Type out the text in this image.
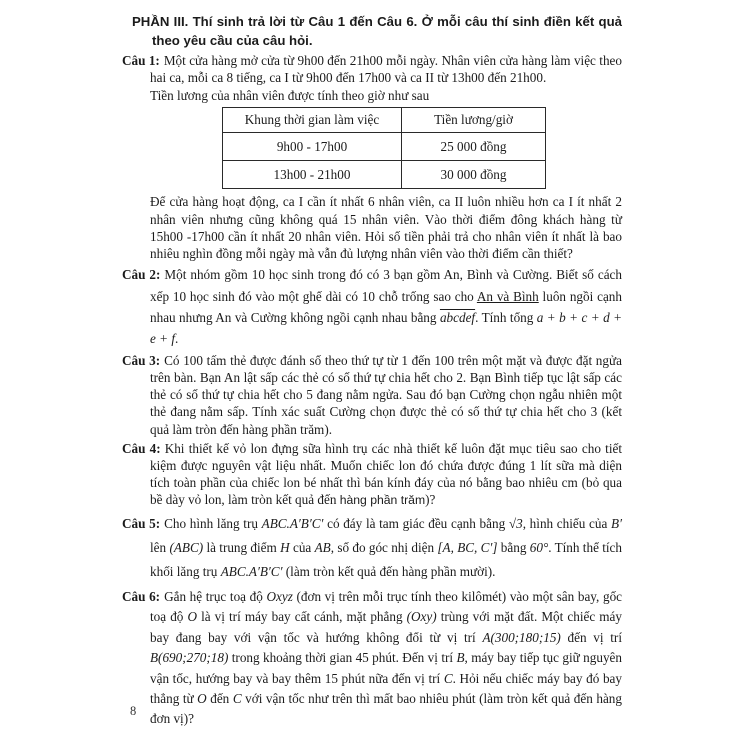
PHẦN III. Thí sinh trả lời từ Câu 1 đến Câu 6. Ở mỗi câu thí sinh điền kết quả theo yêu cầu của câu hỏi.
Câu 1: Một cửa hàng mở cửa từ 9h00 đến 21h00 mỗi ngày. Nhân viên cửa hàng làm việc theo hai ca, mỗi ca 8 tiếng, ca I từ 9h00 đến 17h00 và ca II từ 13h00 đến 21h00.
Tiền lương của nhân viên được tính theo giờ như sau
Khung thời gian làm việc	Tiền lương/giờ
9h00 - 17h00	25 000 đồng
13h00 - 21h00	30 000 đồng
Để cửa hàng hoạt động, ca I cần ít nhất 6 nhân viên, ca II luôn nhiều hơn ca I ít nhất 2 nhân viên nhưng cũng không quá 15 nhân viên. Vào thời điểm đông khách hàng từ 15h00 -17h00 cần ít nhất 20 nhân viên. Hỏi số tiền phải trả cho nhân viên ít nhất là bao nhiêu nghìn đồng mỗi ngày mà vẫn đủ lượng nhân viên vào thời điểm cần thiết?
Câu 2: Một nhóm gồm 10 học sinh trong đó có 3 bạn gồm An, Bình và Cường. Biết số cách xếp 10 học sinh đó vào một ghế dài có 10 chỗ trống sao cho An và Bình luôn ngồi cạnh nhau nhưng An và Cường không ngồi cạnh nhau bằng abcdef. Tính tổng a + b + c + d + e + f.
Câu 3: Có 100 tấm thẻ được đánh số theo thứ tự từ 1 đến 100 trên một mặt và được đặt ngửa trên bàn. Bạn An lật sấp các thẻ có số thứ tự chia hết cho 2. Bạn Bình tiếp tục lật sấp các thẻ có số thứ tự chia hết cho 5 đang nằm ngửa. Sau đó bạn Cường chọn ngẫu nhiên một thẻ đang nằm sấp. Tính xác suất Cường chọn được thẻ có số thứ tự chia hết cho 3 (kết quả làm tròn đến hàng phần trăm).
Câu 4: Khi thiết kế vỏ lon đựng sữa hình trụ các nhà thiết kế luôn đặt mục tiêu sao cho tiết kiệm được nguyên vật liệu nhất. Muốn chiếc lon đó chứa được đúng 1 lít sữa mà diện tích toàn phần của chiếc lon bé nhất thì bán kính đáy của nó bằng bao nhiêu cm (bỏ qua bề dày vỏ lon, làm tròn kết quả đến hàng phần trăm)?
Câu 5: Cho hình lăng trụ ABC.A′B′C′ có đáy là tam giác đều cạnh bằng √3, hình chiếu của B′ lên (ABC) là trung điểm H của AB, số đo góc nhị diện [A, BC, C′] bằng 60°. Tính thể tích khối lăng trụ ABC.A′B′C′ (làm tròn kết quả đến hàng phần mười).
Câu 6: Gắn hệ trục toạ độ Oxyz (đơn vị trên mỗi trục tính theo kilômét) vào một sân bay, gốc toạ độ O là vị trí máy bay cất cánh, mặt phẳng (Oxy) trùng với mặt đất. Một chiếc máy bay đang bay với vận tốc và hướng không đổi từ vị trí A(300;180;15) đến vị trí B(690;270;18) trong khoảng thời gian 45 phút. Đến vị trí B, máy bay tiếp tục giữ nguyên vận tốc, hướng bay và bay thêm 15 phút nữa đến vị trí C. Hỏi nếu chiếc máy bay đó bay thẳng từ O đến C với vận tốc như trên thì mất bao nhiêu phút (làm tròn kết quả đến hàng đơn vị)?
8
